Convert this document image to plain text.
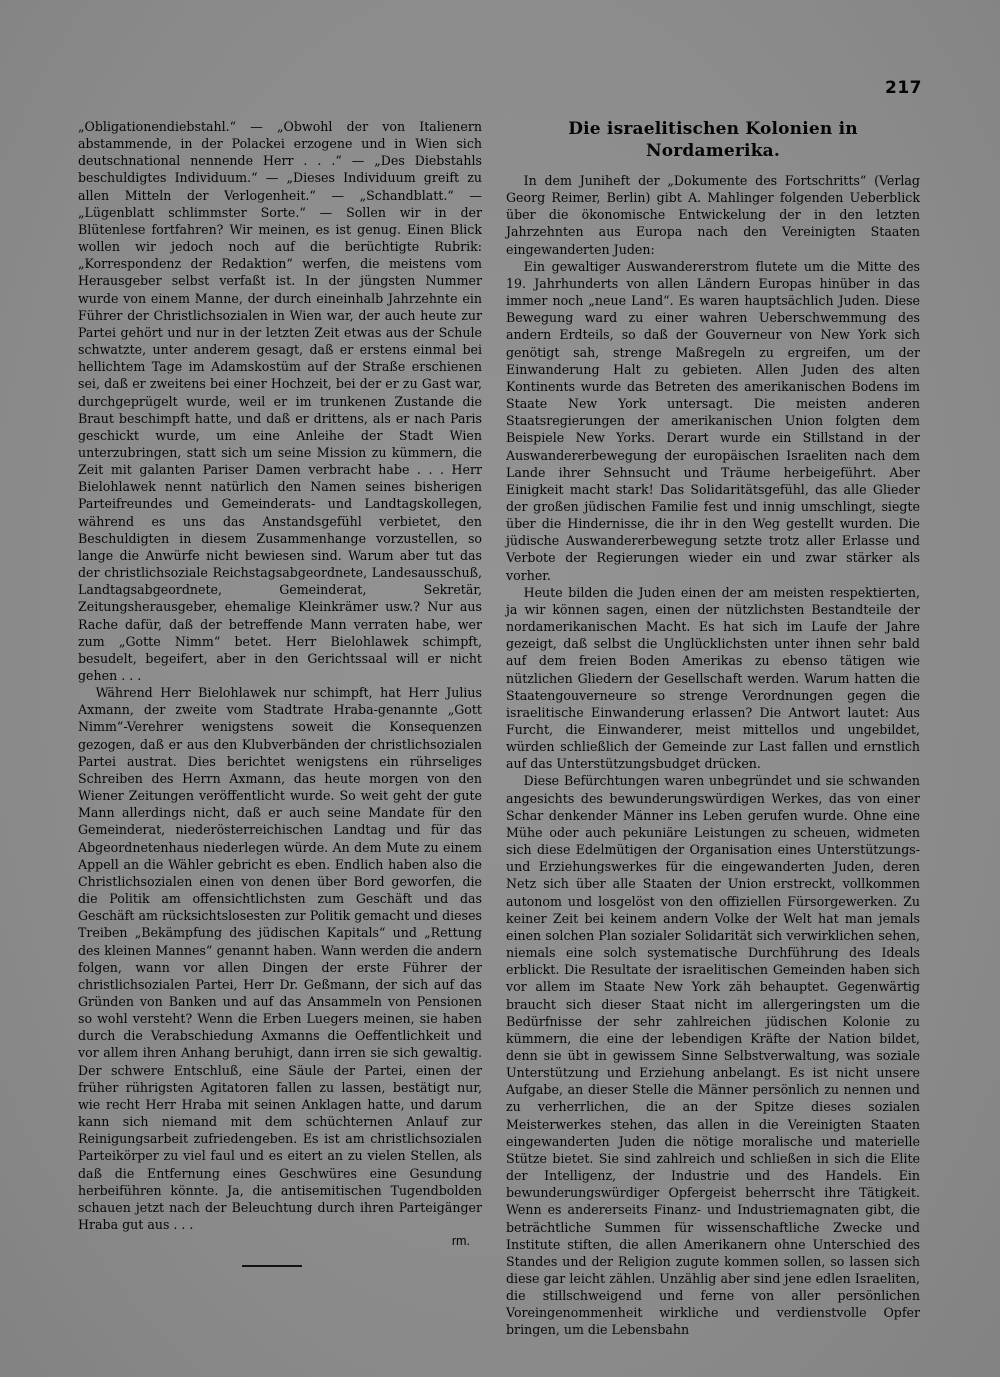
217

„Obligationendiebstahl.“ — „Obwohl der von Italienern abstammende, in der Polackei erzogene und in Wien sich deutschnational nennende Herr . . .“ — „Des Diebstahls beschuldigtes Individuum.“ — „Dieses Individuum greift zu allen Mitteln der Verlogenheit.“ — „Schandblatt.“ — „Lügenblatt schlimmster Sorte.“ — Sollen wir in der Blütenlese fortfahren? Wir meinen, es ist genug. Einen Blick wollen wir jedoch noch auf die berüchtigte Rubrik: „Korrespondenz der Redaktion“ werfen, die meistens vom Herausgeber selbst verfaßt ist. In der jüngsten Nummer wurde von einem Manne, der durch eineinhalb Jahrzehnte ein Führer der Christlichsozialen in Wien war, der auch heute zur Partei gehört und nur in der letzten Zeit etwas aus der Schule schwatzte, unter anderem gesagt, daß er erstens einmal bei hellichtem Tage im Adamskostüm auf der Straße erschienen sei, daß er zweitens bei einer Hochzeit, bei der er zu Gast war, durchgeprügelt wurde, weil er im trunkenen Zustande die Braut beschimpft hatte, und daß er drittens, als er nach Paris geschickt wurde, um eine Anleihe der Stadt Wien unterzubringen, statt sich um seine Mission zu kümmern, die Zeit mit galanten Pariser Damen verbracht habe . . . Herr Bielohlawek nennt natürlich den Namen seines bisherigen Parteifreundes und Gemeinderats- und Landtagskollegen, während es uns das Anstandsgefühl verbietet, den Beschuldigten in diesem Zusammenhange vorzustellen, so lange die Anwürfe nicht bewiesen sind. Warum aber tut das der christlichsoziale Reichstagsabgeordnete, Landesausschuß, Landtagsabgeordnete, Gemeinderat, Sekretär, Zeitungsherausgeber, ehemalige Kleinkrämer usw.? Nur aus Rache dafür, daß der betreffende Mann verraten habe, wer zum „Gotte Nimm“ betet. Herr Bielohlawek schimpft, besudelt, begeifert, aber in den Gerichtssaal will er nicht gehen . . .

Während Herr Bielohlawek nur schimpft, hat Herr Julius Axmann, der zweite vom Stadtrate Hraba-genannte „Gott Nimm“-Verehrer wenigstens soweit die Konsequenzen gezogen, daß er aus den Klubverbänden der christlichsozialen Partei austrat. Dies berichtet wenigstens ein rührseliges Schreiben des Herrn Axmann, das heute morgen von den Wiener Zeitungen veröffentlicht wurde. So weit geht der gute Mann allerdings nicht, daß er auch seine Mandate für den Gemeinderat, niederösterreichischen Landtag und für das Abgeordnetenhaus niederlegen würde. An dem Mute zu einem Appell an die Wähler gebricht es eben. Endlich haben also die Christlichsozialen einen von denen über Bord geworfen, die die Politik am offensichtlichsten zum Geschäft und das Geschäft am rücksichtslosesten zur Politik gemacht und dieses Treiben „Bekämpfung des jüdischen Kapitals“ und „Rettung des kleinen Mannes“ genannt haben. Wann werden die andern folgen, wann vor allen Dingen der erste Führer der christlichsozialen Partei, Herr Dr. Geßmann, der sich auf das Gründen von Banken und auf das Ansammeln von Pensionen so wohl versteht? Wenn die Erben Luegers meinen, sie haben durch die Verabschiedung Axmanns die Oeffentlichkeit und vor allem ihren Anhang beruhigt, dann irren sie sich gewaltig. Der schwere Entschluß, eine Säule der Partei, einen der früher rührigsten Agitatoren fallen zu lassen, bestätigt nur, wie recht Herr Hraba mit seinen Anklagen hatte, und darum kann sich niemand mit dem schüchternen Anlauf zur Reinigungsarbeit zufriedengeben. Es ist am christlichsozialen Parteikörper zu viel faul und es eitert an zu vielen Stellen, als daß die Entfernung eines Geschwüres eine Gesundung herbeiführen könnte. Ja, die antisemitischen Tugendbolden schauen jetzt nach der Beleuchtung durch ihren Parteigänger Hraba gut aus . . .

rm.

Die israelitischen Kolonien in Nordamerika.

In dem Juniheft der „Dokumente des Fortschritts“ (Verlag Georg Reimer, Berlin) gibt A. Mahlinger folgenden Ueberblick über die ökonomische Entwickelung der in den letzten Jahrzehnten aus Europa nach den Vereinigten Staaten eingewanderten Juden:

Ein gewaltiger Auswandererstrom flutete um die Mitte des 19. Jahrhunderts von allen Ländern Europas hinüber in das immer noch „neue Land“. Es waren hauptsächlich Juden. Diese Bewegung ward zu einer wahren Ueberschwemmung des andern Erdteils, so daß der Gouverneur von New York sich genötigt sah, strenge Maßregeln zu ergreifen, um der Einwanderung Halt zu gebieten. Allen Juden des alten Kontinents wurde das Betreten des amerikanischen Bodens im Staate New York untersagt. Die meisten anderen Staatsregierungen der amerikanischen Union folgten dem Beispiele New Yorks. Derart wurde ein Stillstand in der Auswandererbewegung der europäischen Israeliten nach dem Lande ihrer Sehnsucht und Träume herbeigeführt. Aber Einigkeit macht stark! Das Solidaritätsgefühl, das alle Glieder der großen jüdischen Familie fest und innig umschlingt, siegte über die Hindernisse, die ihr in den Weg gestellt wurden. Die jüdische Auswandererbewegung setzte trotz aller Erlasse und Verbote der Regierungen wieder ein und zwar stärker als vorher.

Heute bilden die Juden einen der am meisten respektierten, ja wir können sagen, einen der nützlichsten Bestandteile der nordamerikanischen Macht. Es hat sich im Laufe der Jahre gezeigt, daß selbst die Unglücklichsten unter ihnen sehr bald auf dem freien Boden Amerikas zu ebenso tätigen wie nützlichen Gliedern der Gesellschaft werden. Warum hatten die Staatengouverneure so strenge Verordnungen gegen die israelitische Einwanderung erlassen? Die Antwort lautet: Aus Furcht, die Einwanderer, meist mittellos und ungebildet, würden schließlich der Gemeinde zur Last fallen und ernstlich auf das Unterstützungsbudget drücken.

Diese Befürchtungen waren unbegründet und sie schwanden angesichts des bewunderungswürdigen Werkes, das von einer Schar denkender Männer ins Leben gerufen wurde. Ohne eine Mühe oder auch pekuniäre Leistungen zu scheuen, widmeten sich diese Edelmütigen der Organisation eines Unterstützungs- und Erziehungswerkes für die eingewanderten Juden, deren Netz sich über alle Staaten der Union erstreckt, vollkommen autonom und losgelöst von den offiziellen Fürsorgewerken. Zu keiner Zeit bei keinem andern Volke der Welt hat man jemals einen solchen Plan sozialer Solidarität sich verwirklichen sehen, niemals eine solch systematische Durchführung des Ideals erblickt. Die Resultate der israelitischen Gemeinden haben sich vor allem im Staate New York zäh behauptet. Gegenwärtig braucht sich dieser Staat nicht im allergeringsten um die Bedürfnisse der sehr zahlreichen jüdischen Kolonie zu kümmern, die eine der lebendigen Kräfte der Nation bildet, denn sie übt in gewissem Sinne Selbstverwaltung, was soziale Unterstützung und Erziehung anbelangt. Es ist nicht unsere Aufgabe, an dieser Stelle die Männer persönlich zu nennen und zu verherrlichen, die an der Spitze dieses sozialen Meisterwerkes stehen, das allen in die Vereinigten Staaten eingewanderten Juden die nötige moralische und materielle Stütze bietet. Sie sind zahlreich und schließen in sich die Elite der Intelligenz, der Industrie und des Handels. Ein bewunderungswürdiger Opfergeist beherrscht ihre Tätigkeit. Wenn es andererseits Finanz- und Industriemagnaten gibt, die beträchtliche Summen für wissenschaftliche Zwecke und Institute stiften, die allen Amerikanern ohne Unterschied des Standes und der Religion zugute kommen sollen, so lassen sich diese gar leicht zählen. Unzählig aber sind jene edlen Israeliten, die stillschweigend und ferne von aller persönlichen Voreingenommenheit wirkliche und verdienstvolle Opfer bringen, um die Lebensbahn
